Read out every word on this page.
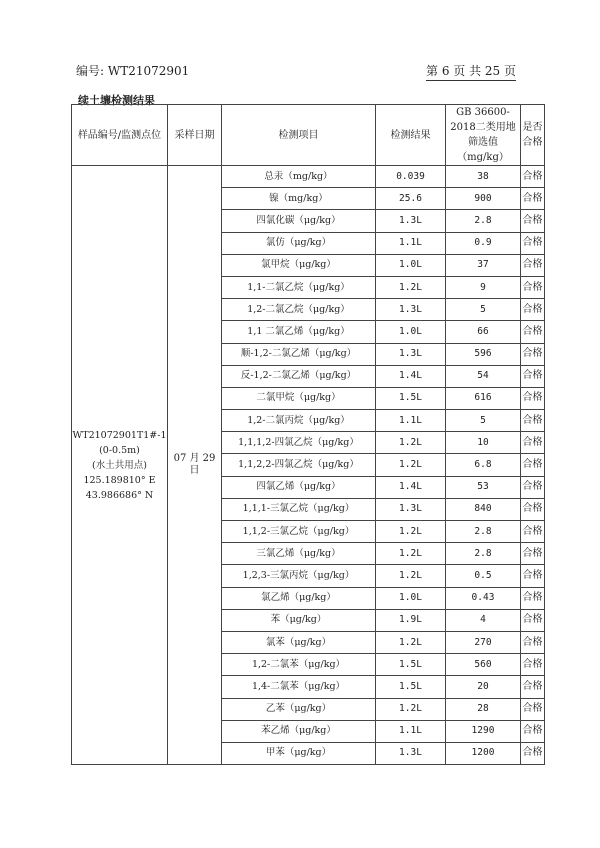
编号: WT21072901	第 6 页 共 25 页
续土壤检测结果
样品编号/监测点位	采样日期	检测项目	检测结果	GB 36600-2018二类用地筛选值（mg/kg）	是否合格

WT21072901T1#-1
(0-0.5m)
(水土共用点)
125.189810° E
43.986686° N	07 月 29 日	总汞（mg/kg）	0.039	38	合格
		镍（mg/kg）	25.6	900	合格
		四氯化碳（μg/kg）	1.3L	2.8	合格
		氯仿（μg/kg）	1.1L	0.9	合格
		氯甲烷（μg/kg）	1.0L	37	合格
		1,1-二氯乙烷（μg/kg）	1.2L	9	合格
		1,2-二氯乙烷（μg/kg）	1.3L	5	合格
		1,1 二氯乙烯（μg/kg）	1.0L	66	合格
		顺-1,2-二氯乙烯（μg/kg）	1.3L	596	合格
		反-1,2-二氯乙烯（μg/kg）	1.4L	54	合格
		二氯甲烷（μg/kg）	1.5L	616	合格
		1,2-二氯丙烷（μg/kg）	1.1L	5	合格
		1,1,1,2-四氯乙烷（μg/kg）	1.2L	10	合格
		1,1,2,2-四氯乙烷（μg/kg）	1.2L	6.8	合格
		四氯乙烯（μg/kg）	1.4L	53	合格
		1,1,1-三氯乙烷（μg/kg）	1.3L	840	合格
		1,1,2-三氯乙烷（μg/kg）	1.2L	2.8	合格
		三氯乙烯（μg/kg）	1.2L	2.8	合格
		1,2,3-三氯丙烷（μg/kg）	1.2L	0.5	合格
		氯乙烯（μg/kg）	1.0L	0.43	合格
		苯（μg/kg）	1.9L	4	合格
		氯苯（μg/kg）	1.2L	270	合格
		1,2-二氯苯（μg/kg）	1.5L	560	合格
		1,4-二氯苯（μg/kg）	1.5L	20	合格
		乙苯（μg/kg）	1.2L	28	合格
		苯乙烯（μg/kg）	1.1L	1290	合格
		甲苯（μg/kg）	1.3L	1200	合格
